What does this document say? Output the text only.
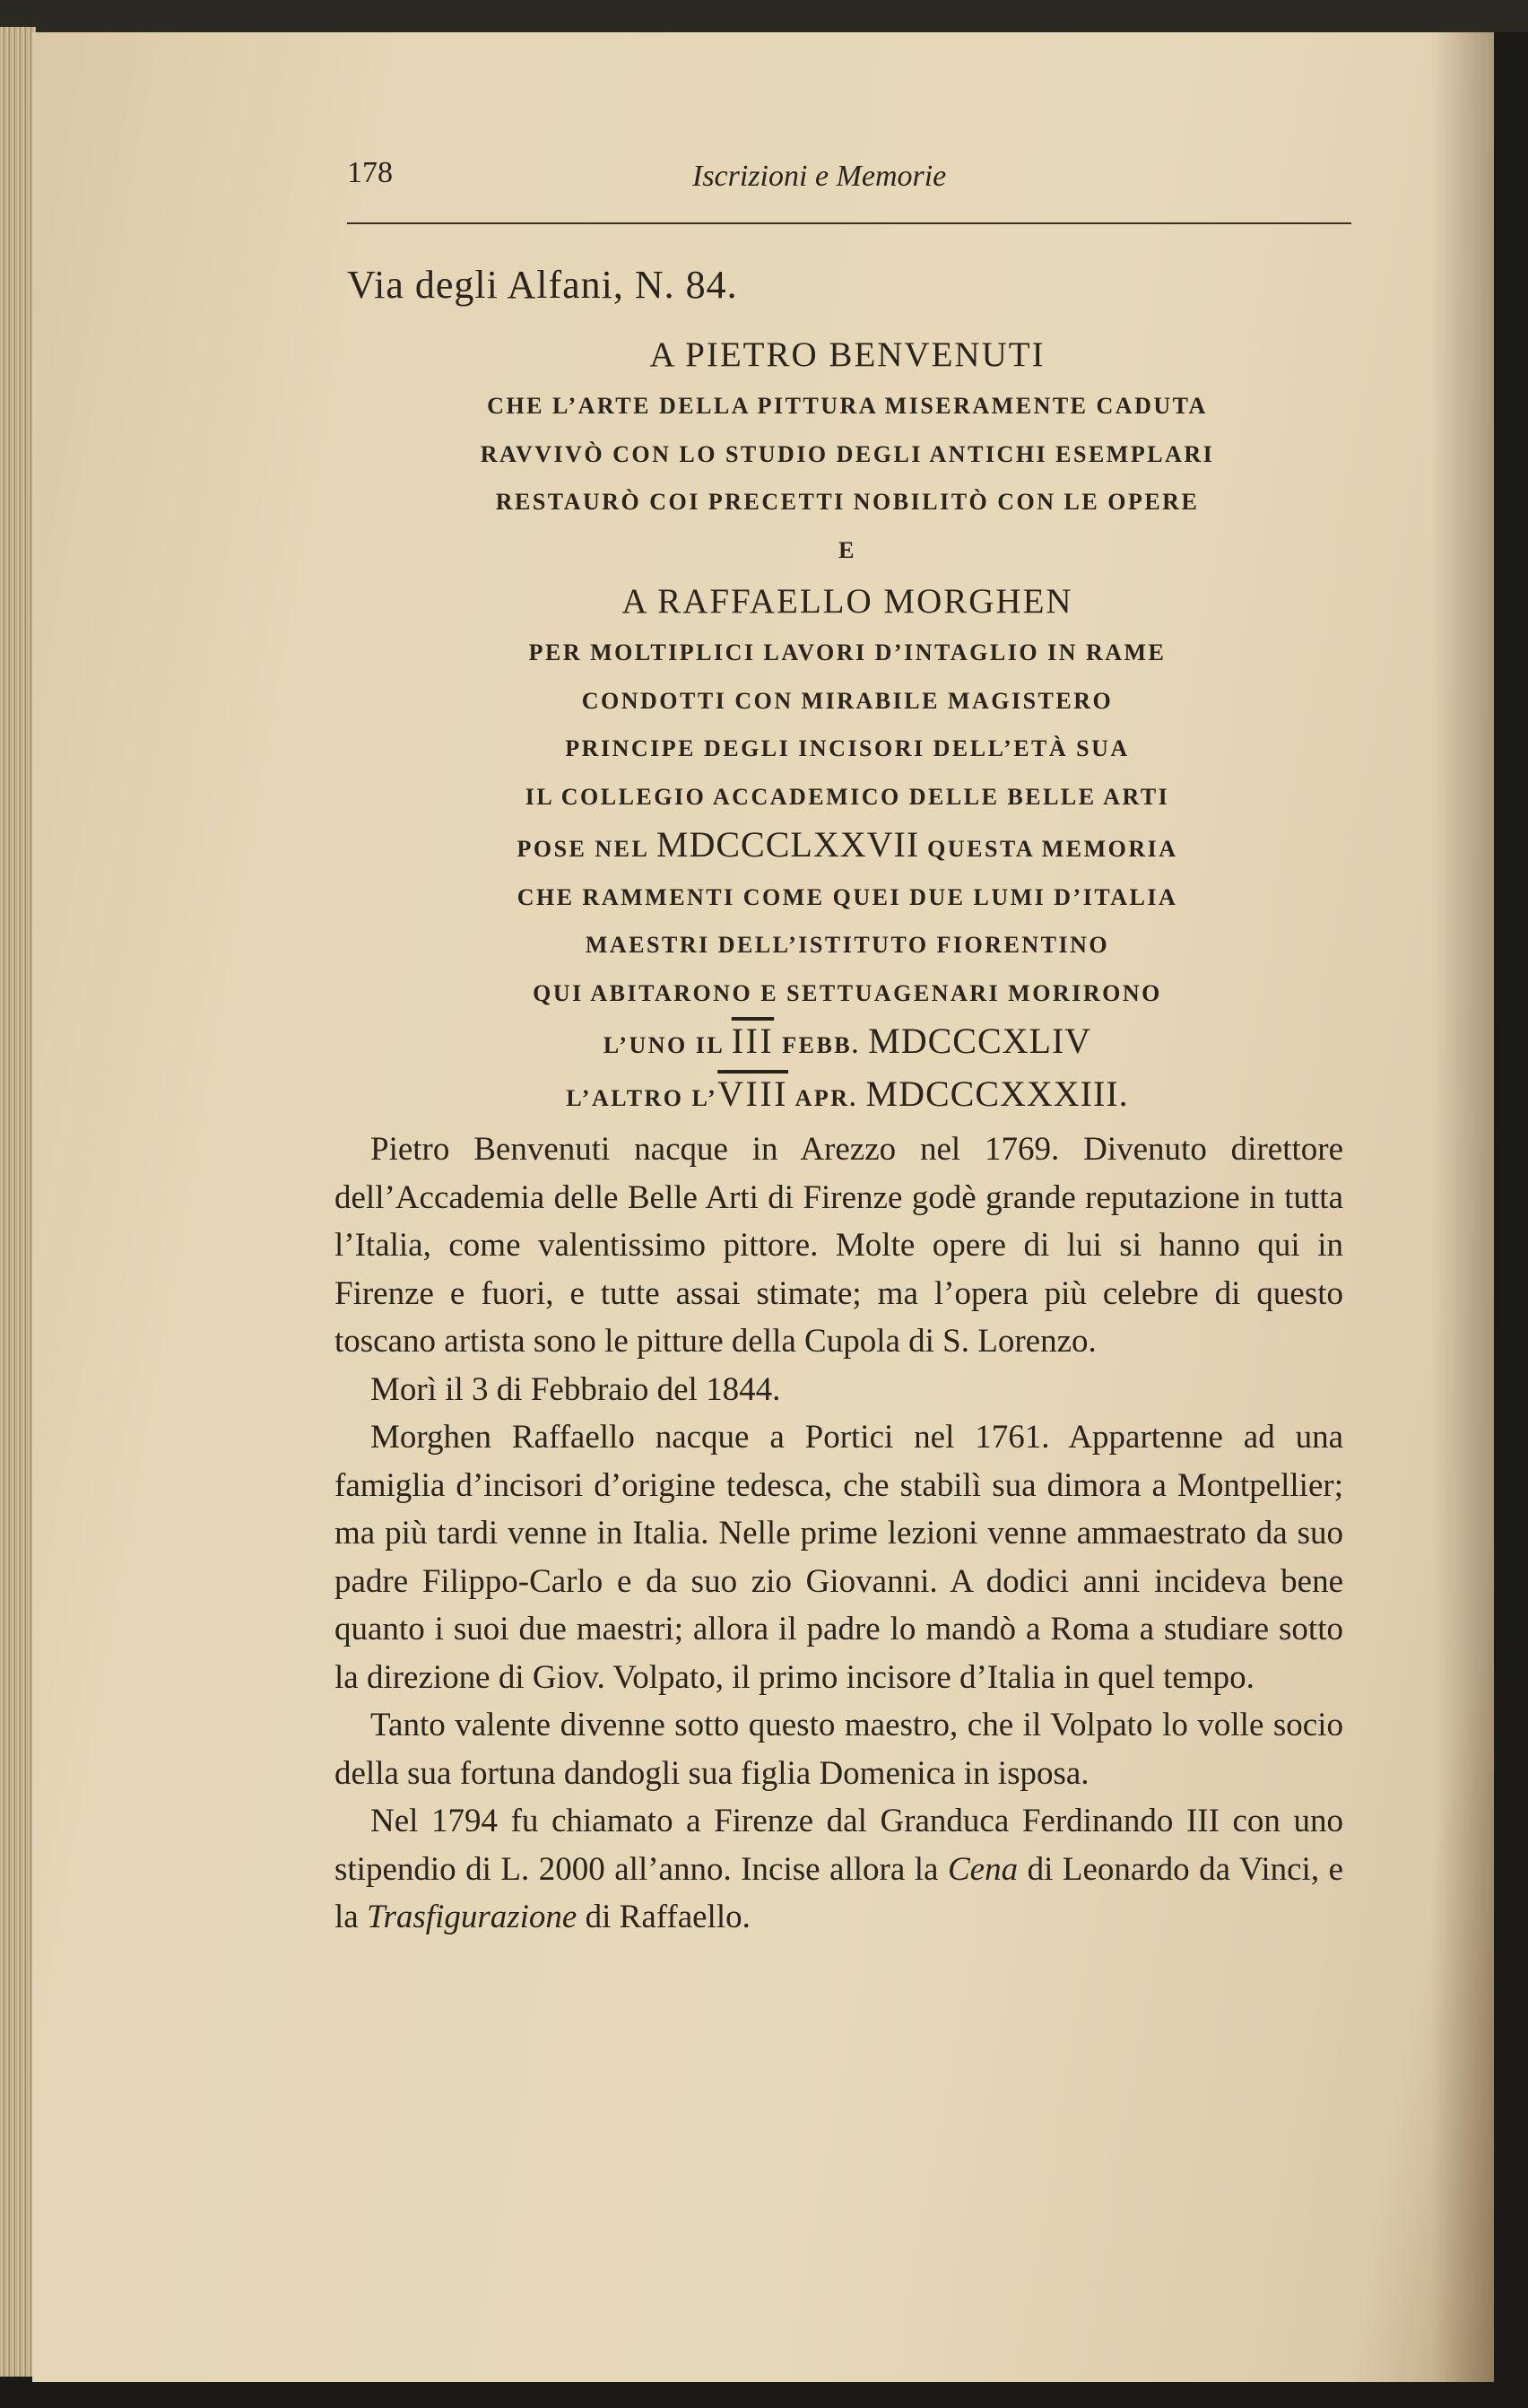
178	Iscrizioni e Memorie
Via degli Alfani, N. 84.
A PIETRO BENVENUTI
CHE L’ARTE DELLA PITTURA MISERAMENTE CADUTA
RAVVIVÒ CON LO STUDIO DEGLI ANTICHI ESEMPLARI
RESTAURÒ COI PRECETTI NOBILITÒ CON LE OPERE
E
A RAFFAELLO MORGHEN
PER MOLTIPLICI LAVORI D’INTAGLIO IN RAME
CONDOTTI CON MIRABILE MAGISTERO
PRINCIPE DEGLI INCISORI DELL’ETÀ SUA
IL COLLEGIO ACCADEMICO DELLE BELLE ARTI
POSE NEL MDCCCLXXVII QUESTA MEMORIA
CHE RAMMENTI COME QUEI DUE LUMI D’ITALIA
MAESTRI DELL’ISTITUTO FIORENTINO
QUI ABITARONO E SETTUAGENARI MORIRONO
L’UNO IL $\overline{III}$ FEBB. MDCCCXLIV
L’ALTRO L’VIII APR. MDCCCXXXIII.

Pietro Benvenuti nacque in Arezzo nel 1769. Divenuto direttore dell’Accademia delle Belle Arti di Firenze godè grande reputazione in tutta l’Italia, come valentissimo pittore. Molte opere di lui si hanno qui in Firenze e fuori, e tutte assai stimate; ma l’opera più celebre di questo toscano artista sono le pitture della Cupola di S. Lorenzo.

Morì il 3 di Febbraio del 1844.

Morghen Raffaello nacque a Portici nel 1761. Appartenne ad una famiglia d’incisori d’origine tedesca, che stabilì sua dimora a Montpellier; ma più tardi venne in Italia. Nelle prime lezioni venne ammaestrato da suo padre Filippo-Carlo e da suo zio Giovanni. A dodici anni incideva bene quanto i suoi due maestri; allora il padre lo mandò a Roma a studiare sotto la direzione di Giov. Volpato, il primo incisore d’Italia in quel tempo.

Tanto valente divenne sotto questo maestro, che il Volpato lo volle socio della sua fortuna dandogli sua figlia Domenica in isposa.

Nel 1794 fu chiamato a Firenze dal Granduca Ferdinando III con uno stipendio di L. 2000 all’anno. Incise allora la Cena di Leonardo da Vinci, e la Trasfigurazione di Raffaello.
